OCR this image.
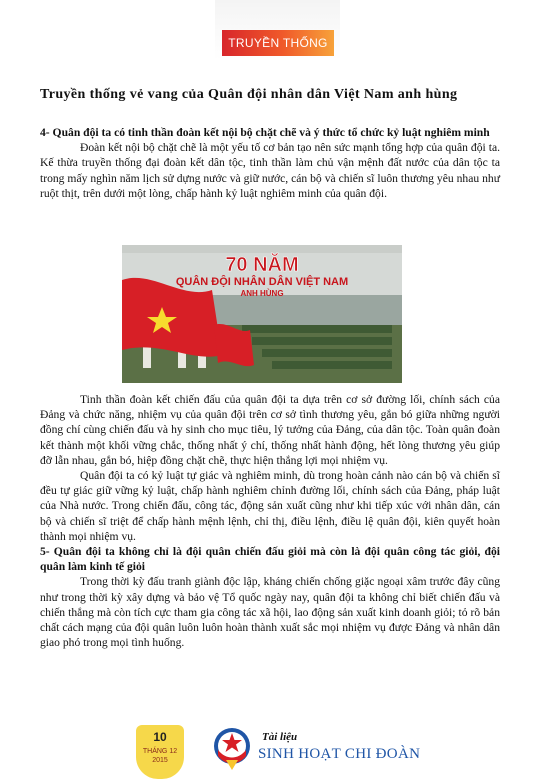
TRUYỀN THỐNG
Truyền thống vẻ vang của Quân đội nhân dân Việt Nam anh hùng

4- Quân đội ta có tinh thần đoàn kết nội bộ chặt chẽ và ý thức tổ chức kỷ luật nghiêm minh

Đoàn kết nội bộ chặt chẽ là một yếu tố cơ bản tạo nên sức mạnh tổng hợp của quân đội ta. Kế thừa truyền thống đại đoàn kết dân tộc, tinh thần làm chủ vận mệnh đất nước của dân tộc ta trong mấy nghìn năm lịch sử dựng nước và giữ nước, cán bộ và chiến sĩ luôn thương yêu nhau như ruột thịt, trên dưới một lòng, chấp hành kỷ luật nghiêm minh của quân đội.

70 NĂM
QUÂN ĐỘI NHÂN DÂN VIỆT NAM
ANH HÙNG

Tinh thần đoàn kết chiến đấu của quân đội ta dựa trên cơ sở đường lối, chính sách của Đảng và chức năng, nhiệm vụ của quân đội trên cơ sở tình thương yêu, gắn bó giữa những người đồng chí cùng chiến đấu và hy sinh cho mục tiêu, lý tưởng của Đảng, của dân tộc. Toàn quân đoàn kết thành một khối vững chắc, thống nhất ý chí, thống nhất hành động, hết lòng thương yêu giúp đỡ lẫn nhau, gắn bó, hiệp đồng chặt chẽ, thực hiện thắng lợi mọi nhiệm vụ.

Quân đội ta có kỷ luật tự giác và nghiêm minh, dù trong hoàn cảnh nào cán bộ và chiến sĩ đều tự giác giữ vững kỷ luật, chấp hành nghiêm chỉnh đường lối, chính sách của Đảng, pháp luật của Nhà nước. Trong chiến đấu, công tác, động sản xuất cũng như khi tiếp xúc với nhân dân, cán bộ và chiến sĩ triệt để chấp hành mệnh lệnh, chỉ thị, điều lệnh, điều lệ quân đội, kiên quyết hoàn thành mọi nhiệm vụ.

5- Quân đội ta không chỉ là đội quân chiến đấu giỏi mà còn là đội quân công tác giỏi, đội quân làm kinh tế giỏi

Trong thời kỳ đấu tranh giành độc lập, kháng chiến chống giặc ngoại xâm trước đây cũng như trong thời kỳ xây dựng và bảo vệ Tổ quốc ngày nay, quân đội ta không chỉ biết chiến đấu và chiến thắng mà còn tích cực tham gia công tác xã hội, lao động sản xuất kinh doanh giỏi; tỏ rõ bản chất cách mạng của đội quân luôn luôn hoàn thành xuất sắc mọi nhiệm vụ được Đảng và nhân dân giao phó trong mọi tình huống.

10
THÁNG 12
2015
Tài liệu
SINH HOẠT CHI ĐOÀN
